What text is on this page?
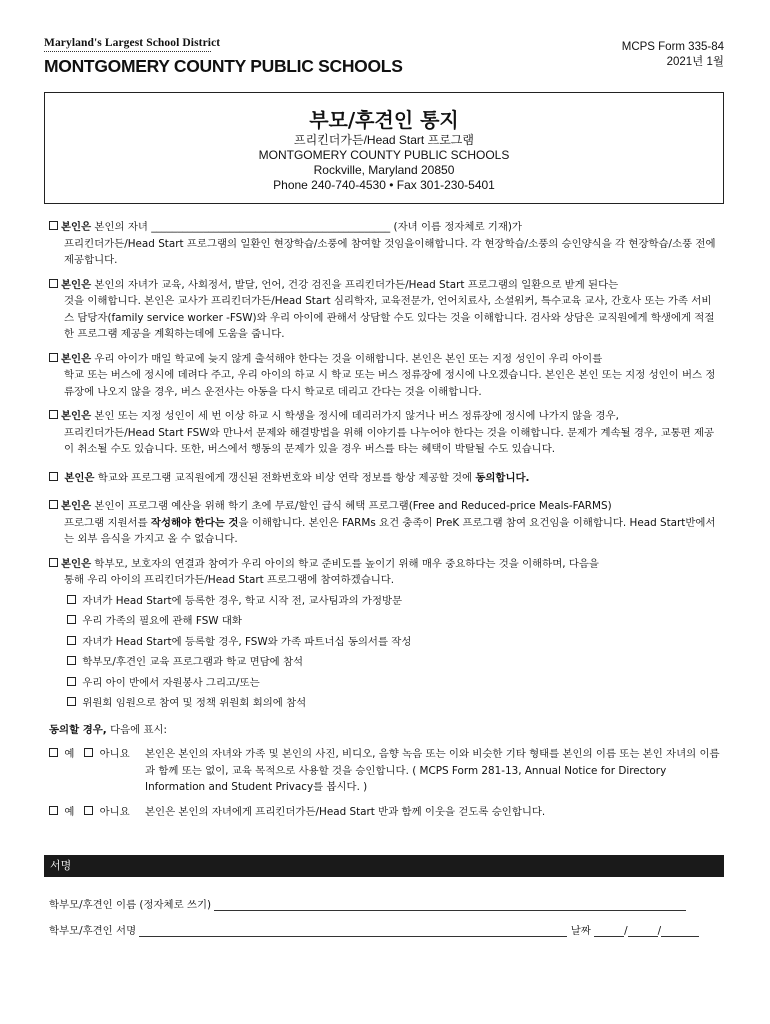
Maryland's Largest School District
MONTGOMERY COUNTY PUBLIC SCHOOLS
MCPS Form 335-84
2021년 1월
부모/후견인 통지
프리킨더가든/Head Start 프로그램
MONTGOMERY COUNTY PUBLIC SCHOOLS
Rockville, Maryland 20850
Phone 240-740-4530 • Fax 301-230-5401
본인은 본인의 자녀 ______________________________________________ (자녀 이름 정자체로 기재)가
프리킨더가든/Head Start 프로그램의 일환인 현장학습/소풍에 참여할 것임을이해합니다. 각 현장학습/소풍의 승인양식을 각 현장학습/소풍 전에 제공합니다.
본인은 본인의 자녀가 교육, 사회정서, 발달, 언어, 건강 검진을 프리킨더가든/Head Start 프로그램의 일환으로 받게 된다는
것을 이해합니다. 본인은 교사가 프리킨더가든/Head Start 심리학자, 교육전문가, 언어치료사, 소셜워커, 특수교육 교사, 간호사 또는 가족 서비스 담당자(family service worker -FSW)와 우리 아이에 관해서 상담할 수도 있다는 것을 이해합니다. 검사와 상담은 교직원에게 학생에게 적절한 프로그램 제공을 계획하는데에 도움을 줍니다.
본인은 우리 아이가 매일 학교에 늦지 않게 출석해야 한다는 것을 이해합니다. 본인은 본인 또는 지정 성인이 우리 아이를
학교 또는 버스에 정시에 데려다 주고, 우리 아이의 하교 시 학교 또는 버스 정류장에 정시에 나오겠습니다. 본인은 본인 또는 지정 성인이 버스 정류장에 나오지 않을 경우, 버스 운전사는 아동을 다시 학교로 데리고 간다는 것을 이해합니다.
본인은 본인 또는 지정 성인이 세 번 이상 하교 시 학생을 정시에 데리러가지 않거나 버스 정류장에 정시에 나가지 않을 경우,
프리킨더가든/Head Start FSW와 만나서 문제와 해결방법을 위해 이야기를 나누어야 한다는 것을 이해합니다. 문제가 계속될 경우, 교통편 제공이 취소될 수도 있습니다. 또한, 버스에서 행동의 문제가 있을 경우 버스를 타는 혜택이 박탈될 수도 있습니다.
본인은 학교와 프로그램 교직원에게 갱신된 전화번호와 비상 연락 정보를 항상 제공할 것에 동의합니다.
본인은 본인이 프로그램 예산을 위해 학기 초에 무료/할인 급식 혜택 프로그램(Free and Reduced-price Meals-FARMS)
프로그램 지원서를 작성해야 한다는 것을 이해합니다. 본인은 FARMs 요건 충족이 PreK 프로그램 참여 요건임을 이해합니다. Head Start반에서는 외부 음식을 가지고 올 수 없습니다.
본인은 학부모, 보호자의 연결과 참여가 우리 아이의 학교 준비도를 높이기 위해 매우 중요하다는 것을 이해하며, 다음을
통해 우리 아이의 프리킨더가든/Head Start 프로그램에 참여하겠습니다.
자녀가 Head Start에 등록한 경우, 학교 시작 전, 교사팀과의 가정방문
우리 가족의 필요에 관해 FSW 대화
자녀가 Head Start에 등록할 경우, FSW와 가족 파트너십 동의서를 작성
학부모/후견인 교육 프로그램과 학교 면담에 참석
우리 아이 반에서 자원봉사 그리고/또는
위원회 임원으로 참여 및 정책 위원회 회의에 참석
동의할 경우, 다음에 표시:
예 아니요	본인은 본인의 자녀와 가족 및 본인의 사진, 비디오, 음향 녹음 또는 이와 비슷한 기타 형태를 본인의 이름 또는 본인 자녀의 이름과 함께 또는 없이, 교육 목적으로 사용할 것을 승인합니다. ( MCPS Form 281-13, Annual Notice for Directory Information and Student Privacy를 봅시다. )
예 아니요	본인은 본인의 자녀에게 프리킨더가든/Head Start 반과 함께 이웃을 걷도록 승인합니다.
서명
학부모/후견인 이름 (정자체로 쓰기)
학부모/후견인 서명	날짜	/	/
